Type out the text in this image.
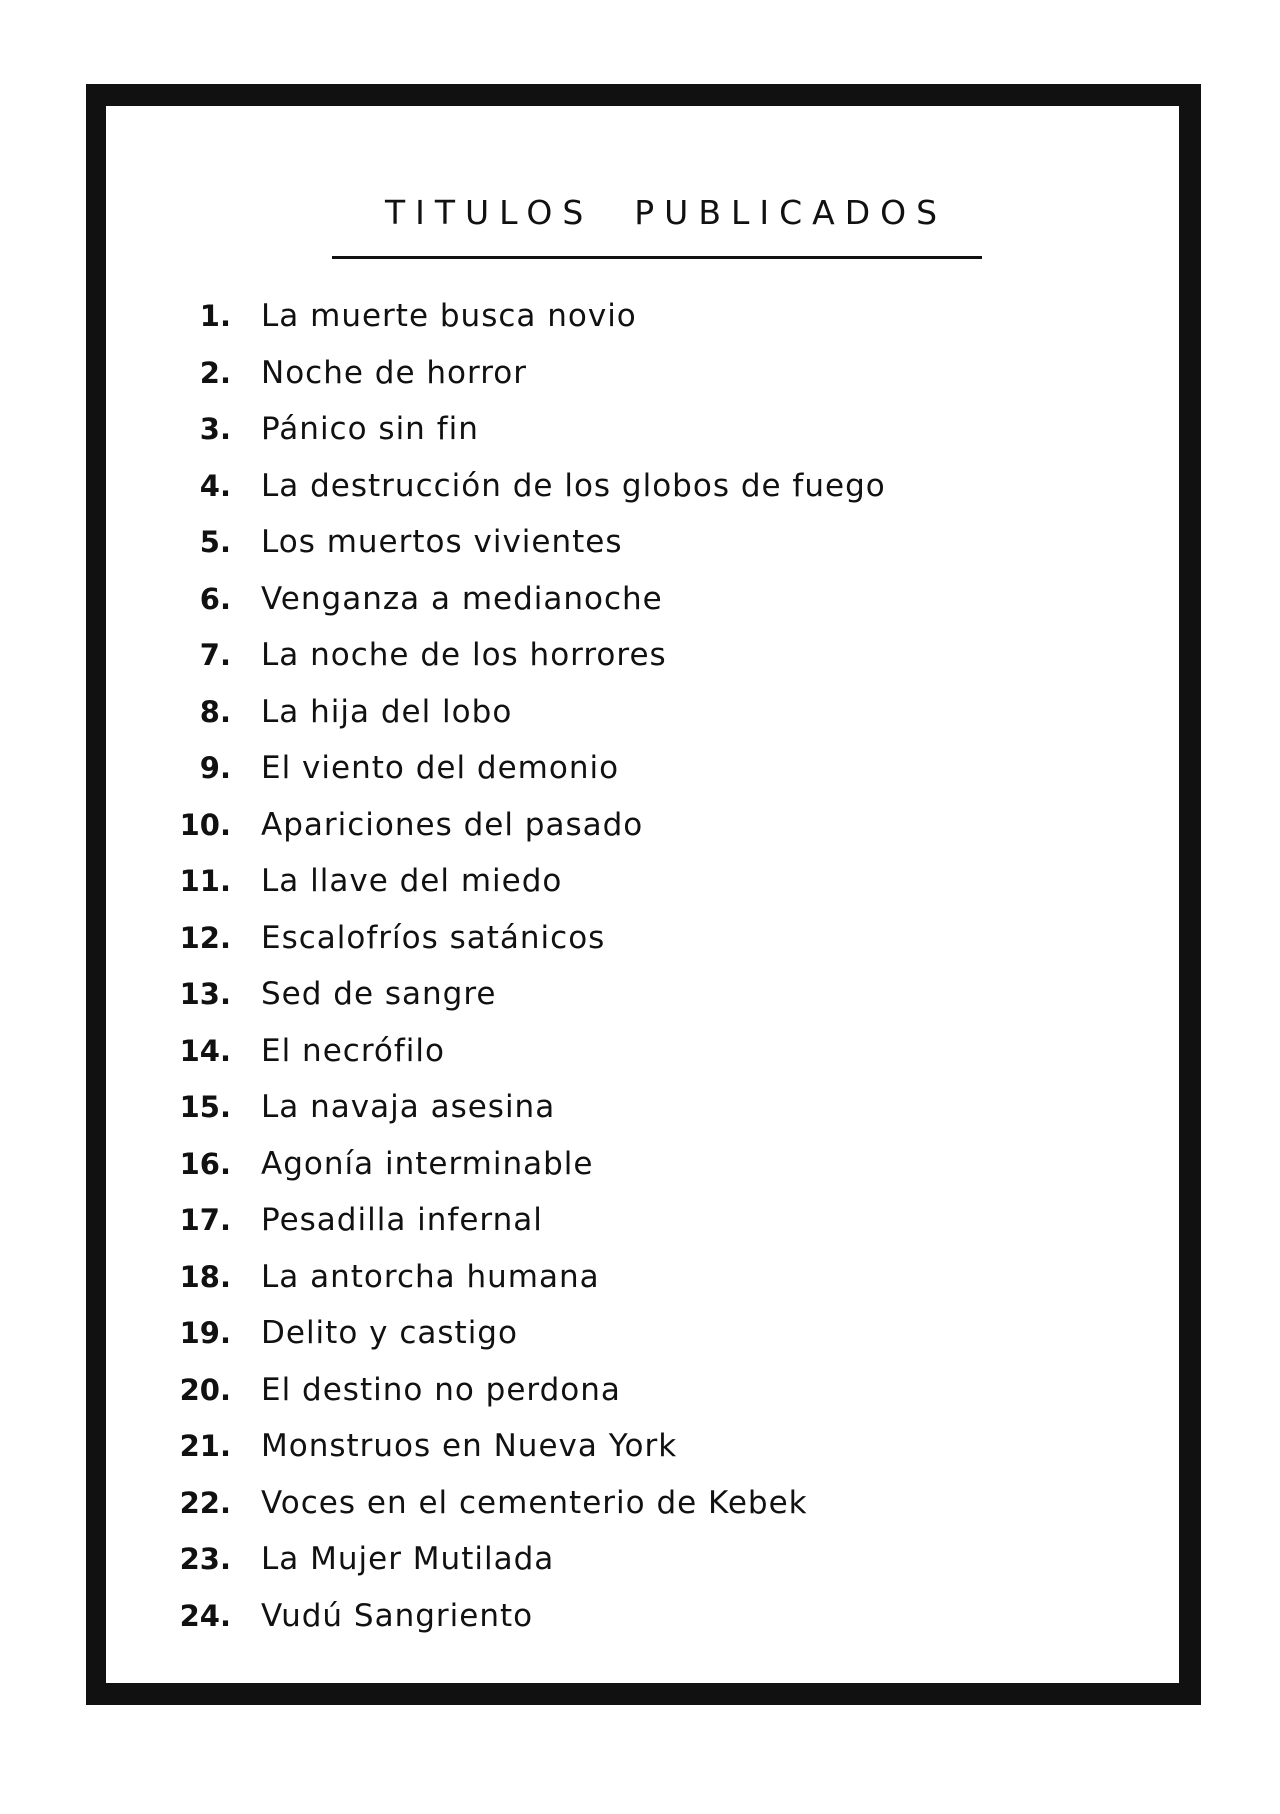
TITULOS  PUBLICADOS
1. La muerte busca novio
2. Noche de horror
3. Pánico sin fin
4. La destrucción de los globos de fuego
5. Los muertos vivientes
6. Venganza a medianoche
7. La noche de los horrores
8. La hija del lobo
9. El viento del demonio
10. Apariciones del pasado
11. La llave del miedo
12. Escalofríos satánicos
13. Sed de sangre
14. El necrófilo
15. La navaja asesina
16. Agonía interminable
17. Pesadilla infernal
18. La antorcha humana
19. Delito y castigo
20. El destino no perdona
21. Monstruos en Nueva York
22. Voces en el cementerio de Kebek
23. La Mujer Mutilada
24. Vudú Sangriento
